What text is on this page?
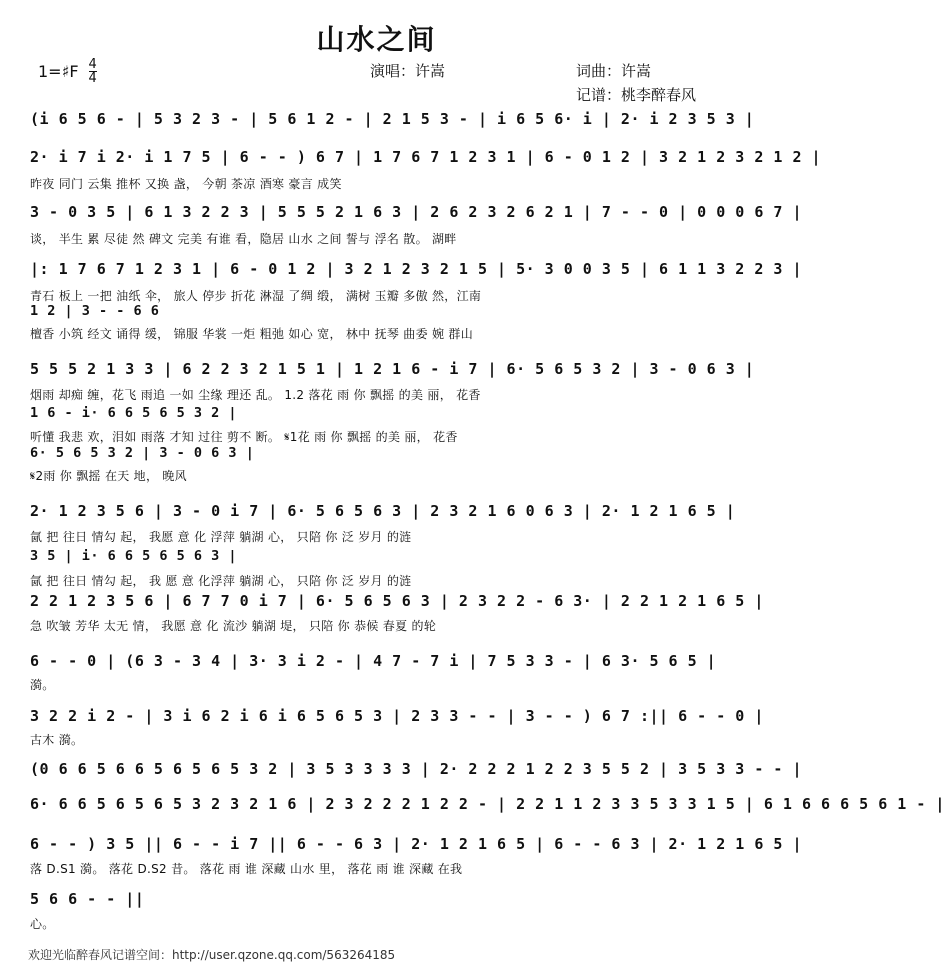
山水之间
1=♯F $\frac{4}{4}$	演唱：许嵩	词曲：许嵩
记谱：桃李醉春风
(i 6 5 6 - | 5 3 2 3 - | 5 6 1 2 - | 2 1 5 3 - | i 6 5 6· i | 2· i 2 3 5 3 |
2· i 7 i 2· i 1 7 5 | 6 - - ) 6 7 | 1 7 6 7 1 2 3 1 | 6 - 0 1 2 | 3 2 1 2 3 2 1 2 |
昨夜 同门 云集 推杯 又换 盏， 今朝 茶凉 酒寒 豪言 成笑
3 - 0 3 5 | 6 1 3 2 2 3 | 5 5 5 2 1 6 3 | 2 6 2 3 2 6 2 1 | 7 - - 0 | 0 0 0 6 7 |
谈， 半生 累 尽徒 然 碑文 完美 有谁 看，隐居 山水 之间 誓与 浮名 散。 湖畔
|: 1 7 6 7 1 2 3 1 | 6 - 0 1 2 | 3 2 1 2 3 2 1 5 | 5· 3 0 0 3 5 | 6 1 1 3 2 2 3 |
青石 板上 一把 油纸 伞， 旅人 停步 折花 淋湿 了绸 缎， 满树 玉瓣 多傲 然，江南
1 2 | 3 - - 6 6
檀香 小筑 经文 诵得 缓， 锦服 华裳 一炬 粗弛 如心 宽， 林中 抚琴 曲委 婉 群山
5 5 5 2 1 3 3 | 6 2 2 3 2 1 5 1 | 1 2 1 6 - i 7 | 6· 5 6 5 3 2 | 3 - 0 6 3 |
烟雨 却痴 缠，花飞 雨追 一如 尘缘 理还 乱。 1.2 落花 雨 你 飘摇 的美 丽， 花香
1 6 - i· 6 6 5 6 5 3 2 |
听懂 我悲 欢，泪如 雨落 才知 过往 剪不 断。 𝄋1花 雨 你 飘摇 的美 丽， 花香
6· 5 6 5 3 2 | 3 - 0 6 3 |
𝄋2雨 你 飘摇 在天 地， 晚风
2· 1 2 3 5 6 | 3 - 0 i 7 | 6· 5 6 5 6 3 | 2 3 2 1 6 0 6 3 | 2· 1 2 1 6 5 |
氤 把 往日 情勾 起， 我愿 意 化 浮萍 躺湖 心， 只陪 你 泛 岁月 的涟
3 5 | i· 6 6 5 6 5 6 3 |
氤 把 往日 情勾 起， 我 愿 意 化浮萍 躺湖 心， 只陪 你 泛 岁月 的涟
2 2 1 2 3 5 6 | 6 7 7 0 i 7 | 6· 5 6 5 6 3 | 2 3 2 2 - 6 3· | 2 2 1 2 1 6 5 |
急 吹皱 芳华 太无 情， 我愿 意 化 流沙 躺湖 堤， 只陪 你 恭候 春夏 的轮
6 - - 0 | (6 3 - 3 4 | 3· 3 i 2 - | 4 7 - 7 i | 7 5 3 3 - | 6 3· 5 6 5 |
漪。
3 2 2 i 2 - | 3 i 6 2 i 6 i 6 5 6 5 3 | 2 3 3 - - | 3 - - ) 6 7 :|| 6 - - 0 |
古木 漪。
(0 6 6 5 6 6 5 6 5 6 5 3 2 | 3 5 3 3 3 3 | 2· 2 2 2 1 2 2 3 5 5 2 | 3 5 3 3 - - |
6· 6 6 5 6 5 6 5 3 2 3 2 1 6 | 2 3 2 2 2 1 2 2 - | 2 2 1 1 2 3 3 5 3 3 1 5 | 6 1 6 6 6 5 6 1 - |
6 - - ) 3 5 || 6 - - i 7 || 6 - - 6 3 | 2· 1 2 1 6 5 | 6 - - 6 3 | 2· 1 2 1 6 5 |
落 D.S1 漪。 落花 D.S2 昔。 落花 雨 谁 深藏 山水 里， 落花 雨 谁 深藏 在我
5 6 6 - - ||
心。
欢迎光临醉春风记谱空间：http://user.qzone.qq.com/563264185
